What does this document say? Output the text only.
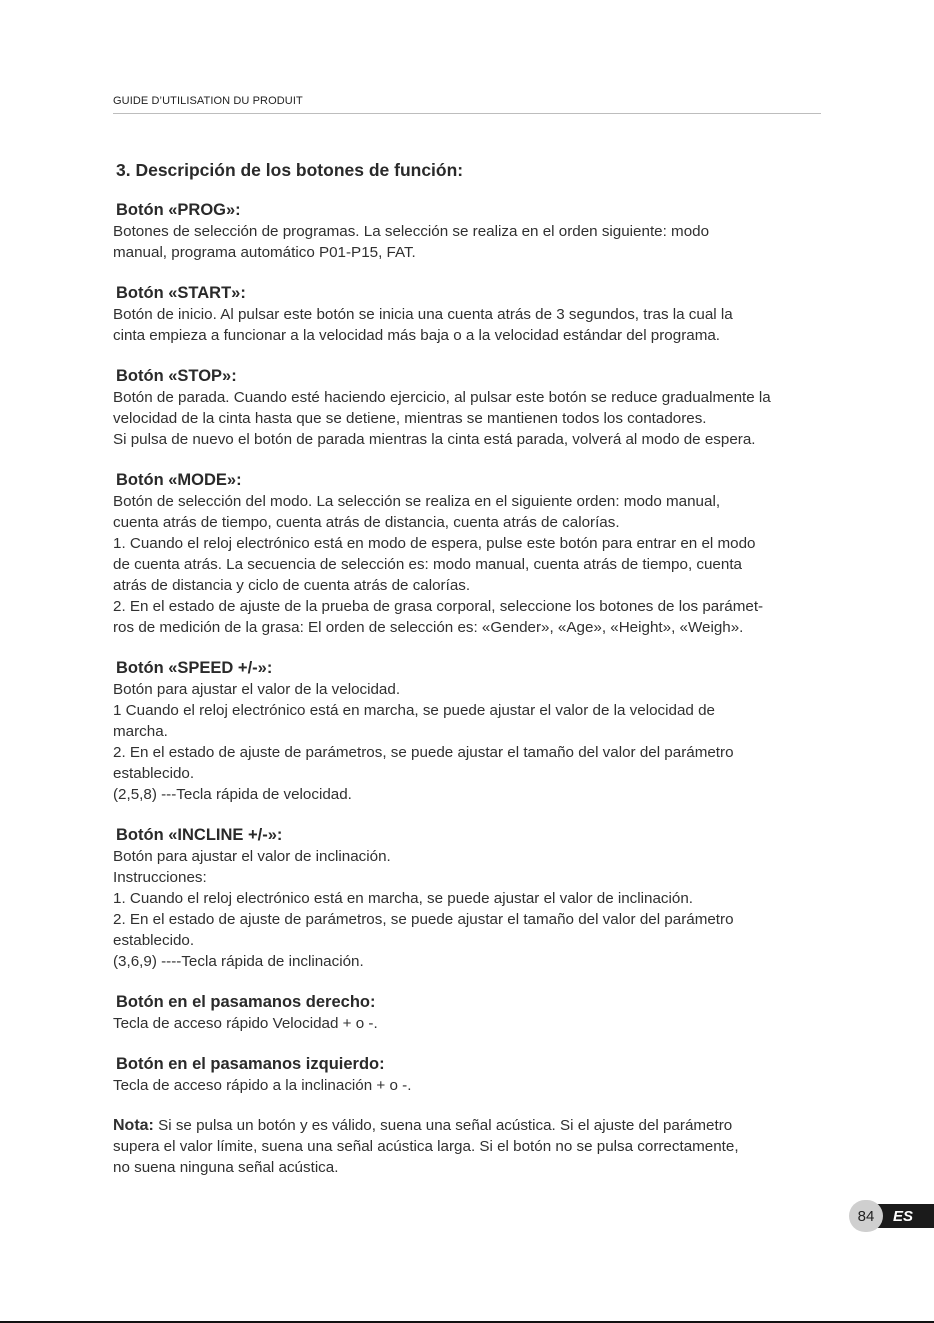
GUIDE D’UTILISATION DU PRODUIT
3. Descripción de los botones de función:
Botón «PROG»:
Botones de selección de programas. La selección se realiza en el orden siguiente: modo
manual, programa automático P01-P15, FAT.
Botón «START»:
Botón de inicio. Al pulsar este botón se inicia una cuenta atrás de 3 segundos, tras la cual la
cinta empieza a funcionar a la velocidad más baja o a la velocidad estándar del programa.
Botón «STOP»:
Botón de parada. Cuando esté haciendo ejercicio, al pulsar este botón se reduce gradualmente la
velocidad de la cinta hasta que se detiene, mientras se mantienen todos los contadores.
Si pulsa de nuevo el botón de parada mientras la cinta está parada, volverá al modo de espera.
Botón «MODE»:
Botón de selección del modo. La selección se realiza en el siguiente orden: modo manual,
cuenta atrás de tiempo, cuenta atrás de distancia, cuenta atrás de calorías.
1. Cuando el reloj electrónico está en modo de espera, pulse este botón para entrar en el modo
de cuenta atrás. La secuencia de selección es: modo manual, cuenta atrás de tiempo, cuenta
atrás de distancia y ciclo de cuenta atrás de calorías.
2. En el estado de ajuste de la prueba de grasa corporal, seleccione los botones de los parámet-
ros de medición de la grasa: El orden de selección es: «Gender», «Age», «Height», «Weigh».
Botón «SPEED +/-»:
Botón para ajustar el valor de la velocidad.
1 Cuando el reloj electrónico está en marcha, se puede ajustar el valor de la velocidad de
marcha.
2. En el estado de ajuste de parámetros, se puede ajustar el tamaño del valor del parámetro
establecido.
(2,5,8) ---Tecla rápida de velocidad.
Botón «INCLINE +/-»:
Botón para ajustar el valor de inclinación.
Instrucciones:
1. Cuando el reloj electrónico está en marcha, se puede ajustar el valor de inclinación.
2. En el estado de ajuste de parámetros, se puede ajustar el tamaño del valor del parámetro
establecido.
(3,6,9) ----Tecla rápida de inclinación.
Botón en el pasamanos derecho:
Tecla de acceso rápido Velocidad + o -.
Botón en el pasamanos izquierdo:
Tecla de acceso rápido a la inclinación + o -.
Nota: Si se pulsa un botón y es válido, suena una señal acústica. Si el ajuste del parámetro
supera el valor límite, suena una señal acústica larga. Si el botón no se pulsa correctamente,
no suena ninguna señal acústica.
84	ES
